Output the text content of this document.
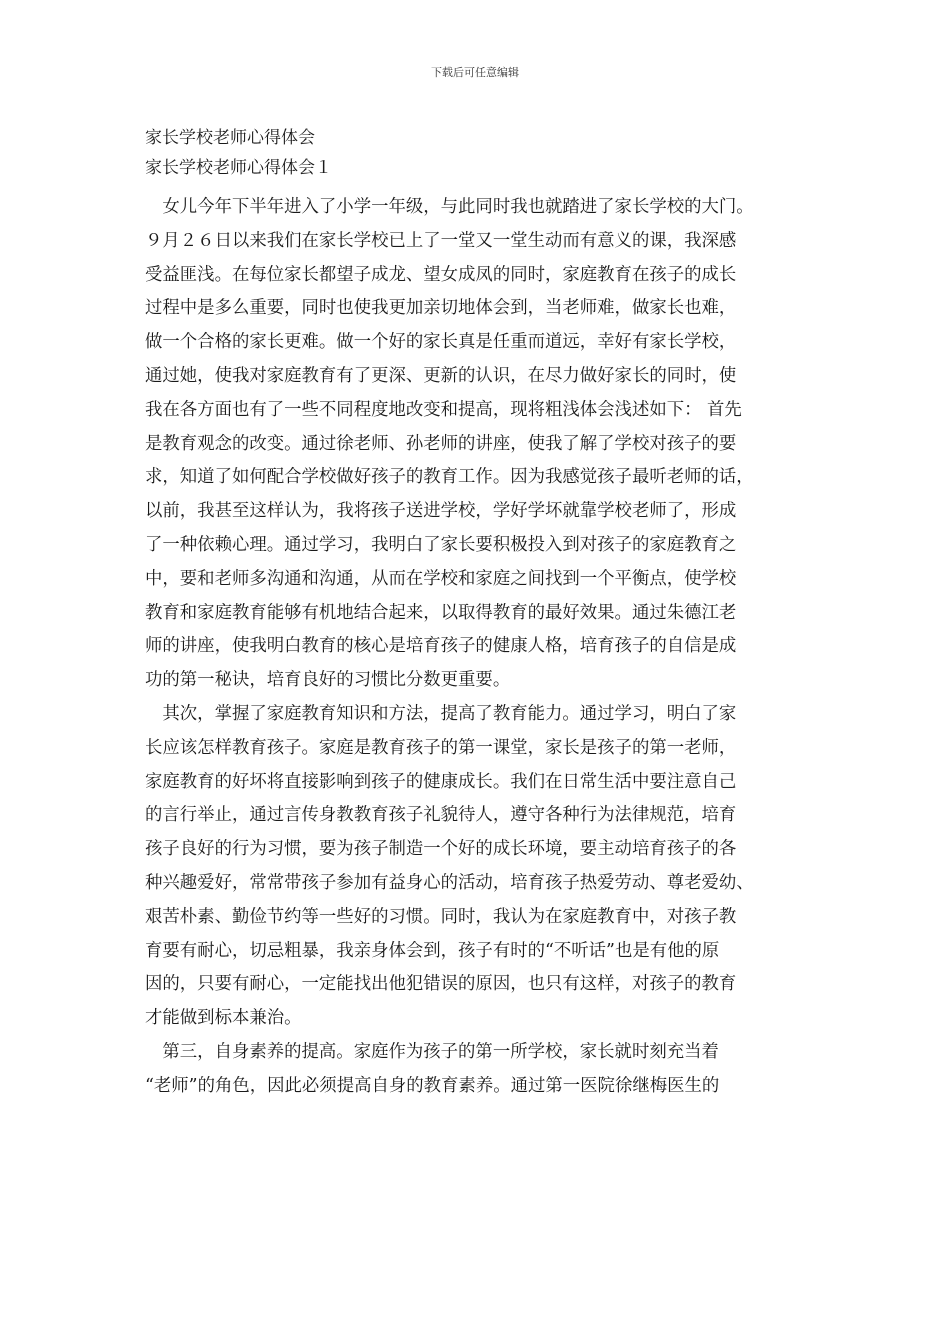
下载后可任意编辑
家长学校老师心得体会
家长学校老师心得体会１
　女儿今年下半年进入了小学一年级，与此同时我也就踏进了家长学校的大门。
９月２６日以来我们在家长学校已上了一堂又一堂生动而有意义的课，我深感
受益匪浅。在每位家长都望子成龙、望女成凤的同时，家庭教育在孩子的成长
过程中是多么重要，同时也使我更加亲切地体会到，当老师难，做家长也难，
做一个合格的家长更难。做一个好的家长真是任重而道远，幸好有家长学校，
通过她，使我对家庭教育有了更深、更新的认识，在尽力做好家长的同时，使
我在各方面也有了一些不同程度地改变和提高，现将粗浅体会浅述如下： 首先
是教育观念的改变。通过徐老师、孙老师的讲座，使我了解了学校对孩子的要
求，知道了如何配合学校做好孩子的教育工作。因为我感觉孩子最听老师的话，
以前，我甚至这样认为，我将孩子送进学校，学好学坏就靠学校老师了，形成
了一种依赖心理。通过学习，我明白了家长要积极投入到对孩子的家庭教育之
中，要和老师多沟通和沟通，从而在学校和家庭之间找到一个平衡点，使学校
教育和家庭教育能够有机地结合起来，以取得教育的最好效果。通过朱德江老
师的讲座，使我明白教育的核心是培育孩子的健康人格，培育孩子的自信是成
功的第一秘诀，培育良好的习惯比分数更重要。
　其次，掌握了家庭教育知识和方法，提高了教育能力。通过学习，明白了家
长应该怎样教育孩子。家庭是教育孩子的第一课堂，家长是孩子的第一老师，
家庭教育的好坏将直接影响到孩子的健康成长。我们在日常生活中要注意自己
的言行举止，通过言传身教教育孩子礼貌待人，遵守各种行为法律规范，培育
孩子良好的行为习惯，要为孩子制造一个好的成长环境，要主动培育孩子的各
种兴趣爱好，常常带孩子参加有益身心的活动，培育孩子热爱劳动、尊老爱幼、
艰苦朴素、勤俭节约等一些好的习惯。同时，我认为在家庭教育中，对孩子教
育要有耐心，切忌粗暴，我亲身体会到，孩子有时的“不听话”也是有他的原
因的，只要有耐心，一定能找出他犯错误的原因，也只有这样，对孩子的教育
才能做到标本兼治。
　第三，自身素养的提高。家庭作为孩子的第一所学校，家长就时刻充当着
“老师”的角色，因此必须提高自身的教育素养。通过第一医院徐继梅医生的
